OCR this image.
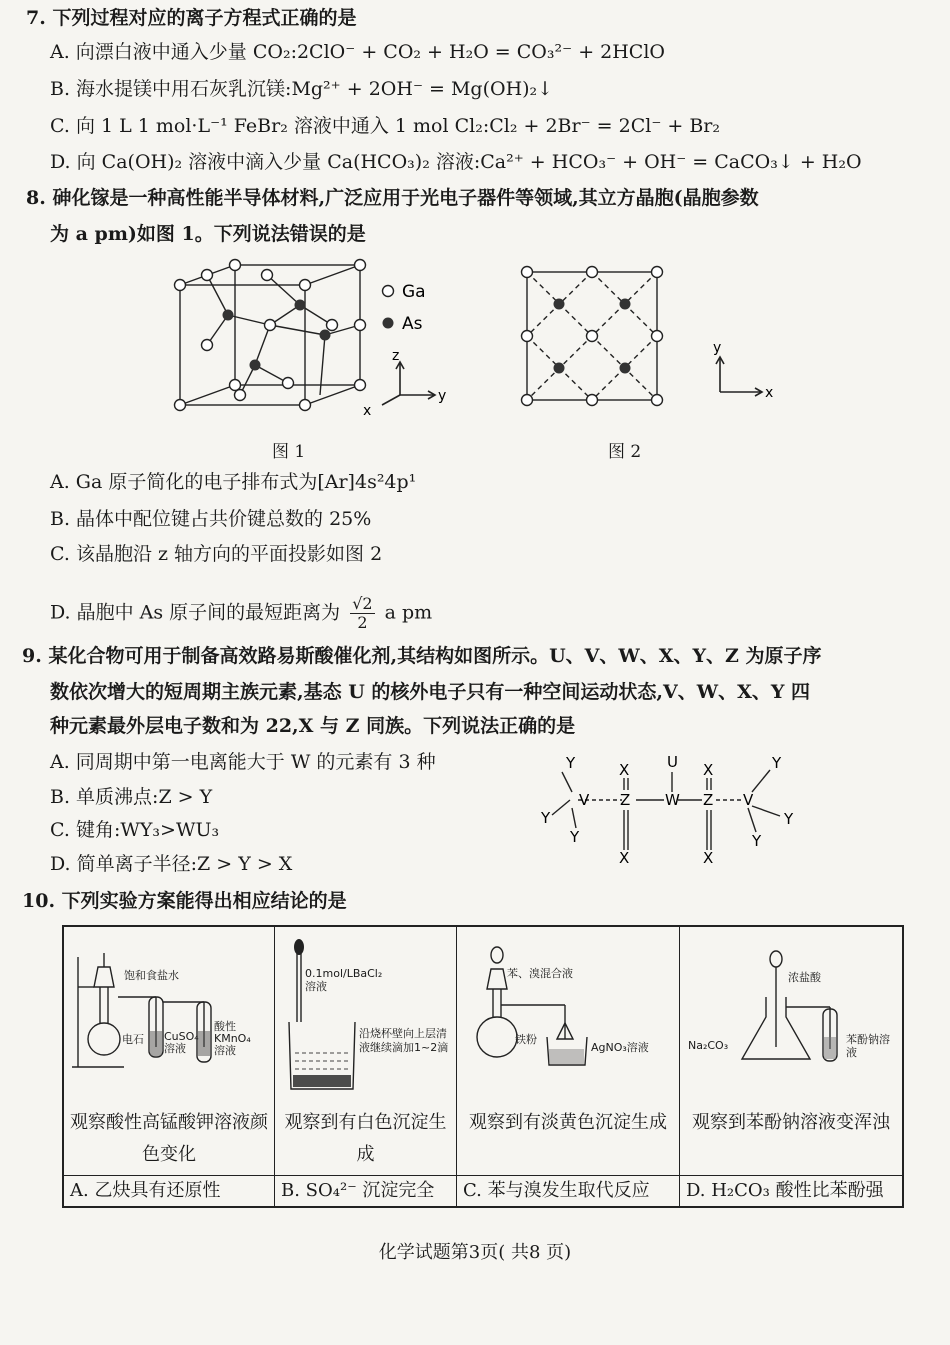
7. 下列过程对应的离子方程式正确的是
A. 向漂白液中通入少量 CO₂:2ClO⁻ + CO₂ + H₂O = CO₃²⁻ + 2HClO
B. 海水提镁中用石灰乳沉镁:Mg²⁺ + 2OH⁻ = Mg(OH)₂↓
C. 向 1 L 1 mol·L⁻¹ FeBr₂ 溶液中通入 1 mol Cl₂:Cl₂ + 2Br⁻ = 2Cl⁻ + Br₂
D. 向 Ca(OH)₂ 溶液中滴入少量 Ca(HCO₃)₂ 溶液:Ca²⁺ + HCO₃⁻ + OH⁻ = CaCO₃↓ + H₂O
8. 砷化镓是一种高性能半导体材料,广泛应用于光电子器件等领域,其立方晶胞(晶胞参数
为 a pm)如图 1。下列说法错误的是
z
y
x
Ga
As
y
x
图 1	图 2
A. Ga 原子简化的电子排布式为[Ar]4s²4p¹
B. 晶体中配位键占共价键总数的 25%
C. 该晶胞沿 z 轴方向的平面投影如图 2
D. 晶胞中 As 原子间的最短距离为 $\frac{√2}{2}$ a pm
9. 某化合物可用于制备高效路易斯酸催化剂,其结构如图所示。U、V、W、X、Y、Z 为原子序
数依次增大的短周期主族元素,基态 U 的核外电子只有一种空间运动状态,V、W、X、Y 四
种元素最外层电子数和为 22,X 与 Z 同族。下列说法正确的是
A. 同周期中第一电离能大于 W 的元素有 3 种
B. 单质沸点:Z > Y
C. 键角:WY₃>WU₃
D. 简单离子半径:Z > Y > X
Y
Y
Y
V
X
Z
X
U
W
X
Z
X
V
Y
Y
Y
10. 下列实验方案能得出相应结论的是
饱和食盐水
电石 CuSO₄ 溶液
酸性 KMnO₄ 溶液
观察酸性高锰酸钾溶液颜色变化
A. 乙炔具有还原性
0.1mol/LBaCl₂ 溶液
沿烧杯壁向上层清液继续滴加1~2滴
观察到有白色沉淀生成
B. SO₄²⁻ 沉淀完全
苯、溴混合液
铁粉
AgNO₃溶液
观察到有淡黄色沉淀生成
C. 苯与溴发生取代反应
浓盐酸
Na₂CO₃	苯酚钠溶液
观察到苯酚钠溶液变浑浊
D. H₂CO₃ 酸性比苯酚强
化学试题第3页( 共8 页)
